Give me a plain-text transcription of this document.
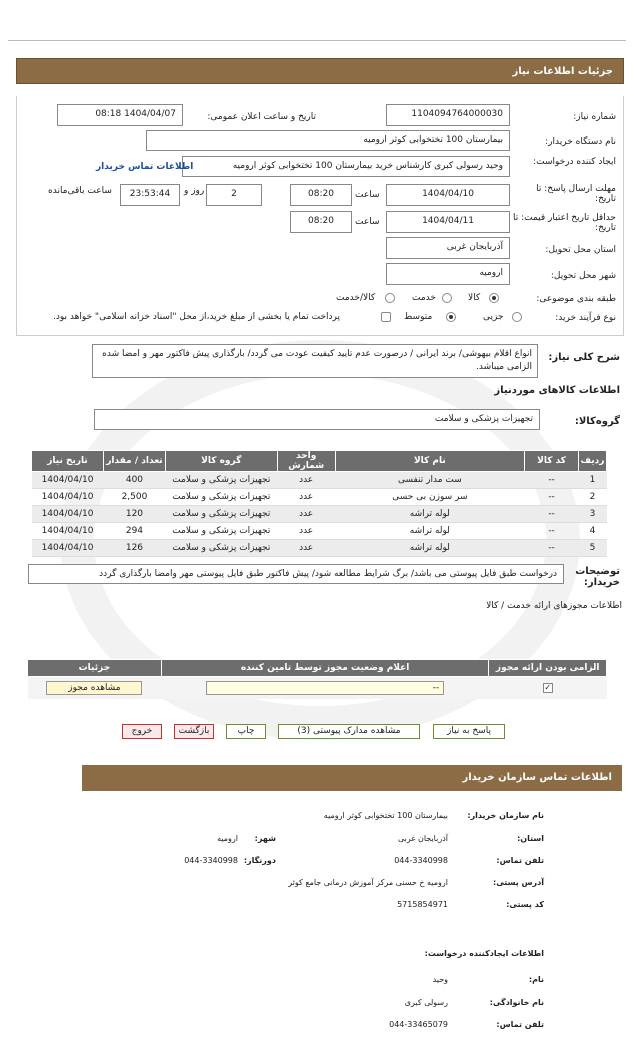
جزئیات اطلاعات نیاز
شماره نیاز:
1104094764000030
تاریخ و ساعت اعلان عمومی:
1404/04/07 08:18
نام دستگاه خریدار:
بیمارستان 100 تختخوابی کوثر ارومیه
ایجاد کننده درخواست:
وحید رسولی کبری کارشناس خرید بیمارستان 100 تختخوابی کوثر ارومیه
اطلاعات تماس خریدار
مهلت ارسال پاسخ: تا تاریخ:
1404/04/10
ساعت
08:20
2
روز و
23:53:44
ساعت باقی‌مانده
حداقل تاریخ اعتبار قیمت: تا تاریخ:
1404/04/11
ساعت
08:20
استان محل تحویل:
آذربایجان غربی
شهر محل تحویل:
ارومیه
طبقه بندی موضوعی:
کالا
خدمت
کالا/خدمت
نوع فرآیند خرید:
جزیی
متوسط
پرداخت تمام یا بخشی از مبلغ خرید،از محل "اسناد خزانه اسلامی" خواهد بود.
شرح کلی نیاز:
انواع اقلام بیهوشی/ برند ایرانی / درصورت عدم تایید کیفیت عودت می گردد/ بارگذاری پیش فاکتور مهر و امضا شده الزامی میباشد.
اطلاعات کالاهای موردنیاز
گروه‌کالا:
تجهیزات پزشکی و سلامت
ردیف	کد کالا	نام کالا	واحد شمارش	گروه کالا	تعداد / مقدار	تاریخ نیاز
1	--	ست مدار تنفسی	عدد	تجهیزات پزشکی و سلامت	400	1404/04/10
2	--	سر سوزن بی حسی	عدد	تجهیزات پزشکی و سلامت	2,500	1404/04/10
3	--	لوله تراشه	عدد	تجهیزات پزشکی و سلامت	120	1404/04/10
4	--	لوله تراشه	عدد	تجهیزات پزشکی و سلامت	294	1404/04/10
5	--	لوله تراشه	عدد	تجهیزات پزشکی و سلامت	126	1404/04/10
توضیحات خریدار:
درخواست طبق فایل پیوستی می باشد/ برگ شرایط مطالعه شود/ پیش فاکتور طبق فایل پیوستی مهر وامضا بارگذاری گردد
اطلاعات مجوزهای ارائه خدمت / کالا
الزامی بودن ارائه مجوز	اعلام وضعیت مجوز توسط تامین کننده	جزئیات
✓	--	مشاهده مجوز
پاسخ به نیاز
مشاهده مدارک پیوستی (3)
چاپ
بازگشت
خروج
اطلاعات تماس سازمان خریدار
نام سازمان خریدار:
بیمارستان 100 تختخوابی کوثر ارومیه
استان:
آذربایجان غربی
شهر:
ارومیه
تلفن تماس:
044-3340998
دورنگار:
044-3340998
آدرس پستی:
ارومیه خ حسنی مرکز آموزش درمانی جامع کوثر
کد پستی:
5715854971
اطلاعات ایجادکننده درخواست:
نام:
وحید
نام خانوادگی:
رسولی کبری
تلفن تماس:
044-33465079
